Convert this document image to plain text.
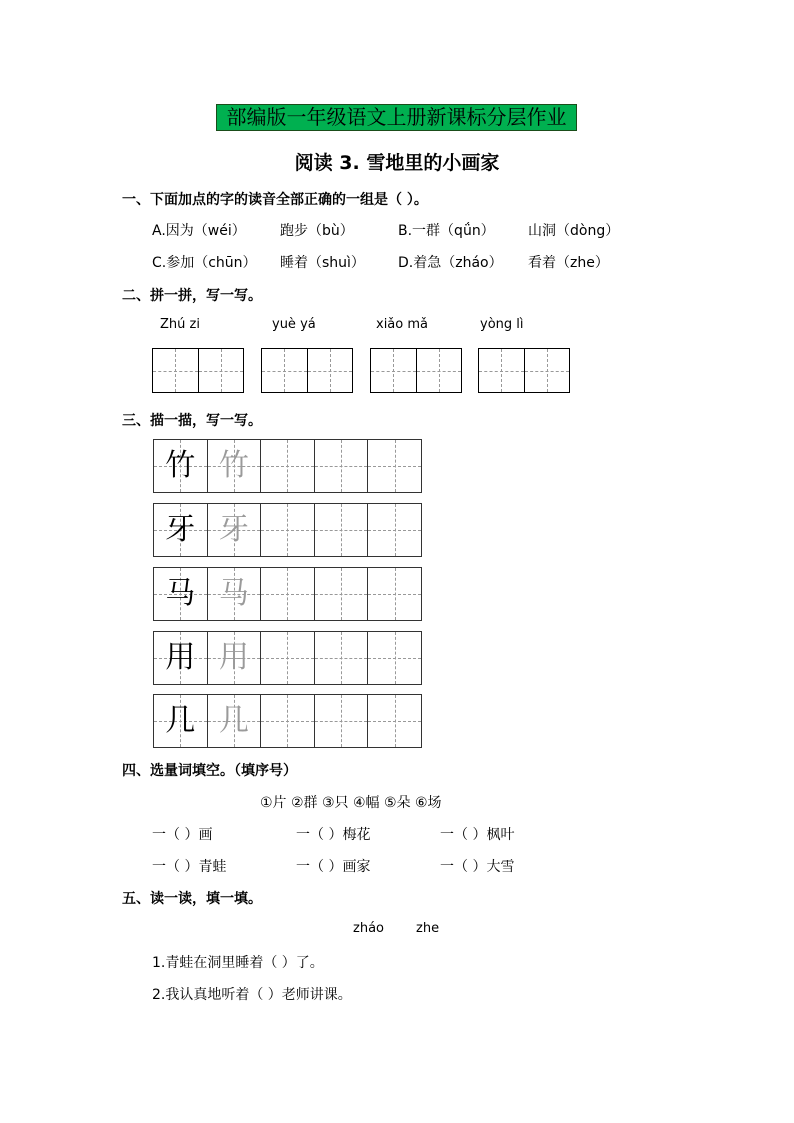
部编版一年级语文上册新课标分层作业
阅读 3. 雪地里的小画家
一、下面加点的字的读音全部正确的一组是（ ）。
A.因为（wéi） 跑步（bù）	B.一群（qǘn） 山洞（dòng）
C.参加（chūn） 睡着（shuì） D.着急（zháo） 看着（zhe）
二、拼一拼，写一写。
Zhú zi	yuè yá	xiǎo mǎ	yòng lì
三、描一描，写一写。
竹 竹
牙 牙
马 马
用 用
几 几
四、选量词填空。（填序号）
①片 ②群 ③只 ④幅 ⑤朵 ⑥场
一（ ）画	一（ ）梅花	一（ ）枫叶
一（ ）青蛙	一（ ）画家	一（ ）大雪
五、读一读，填一填。
zháo zhe
1.青蛙在洞里睡着（ ）了。
2.我认真地听着（ ）老师讲课。
